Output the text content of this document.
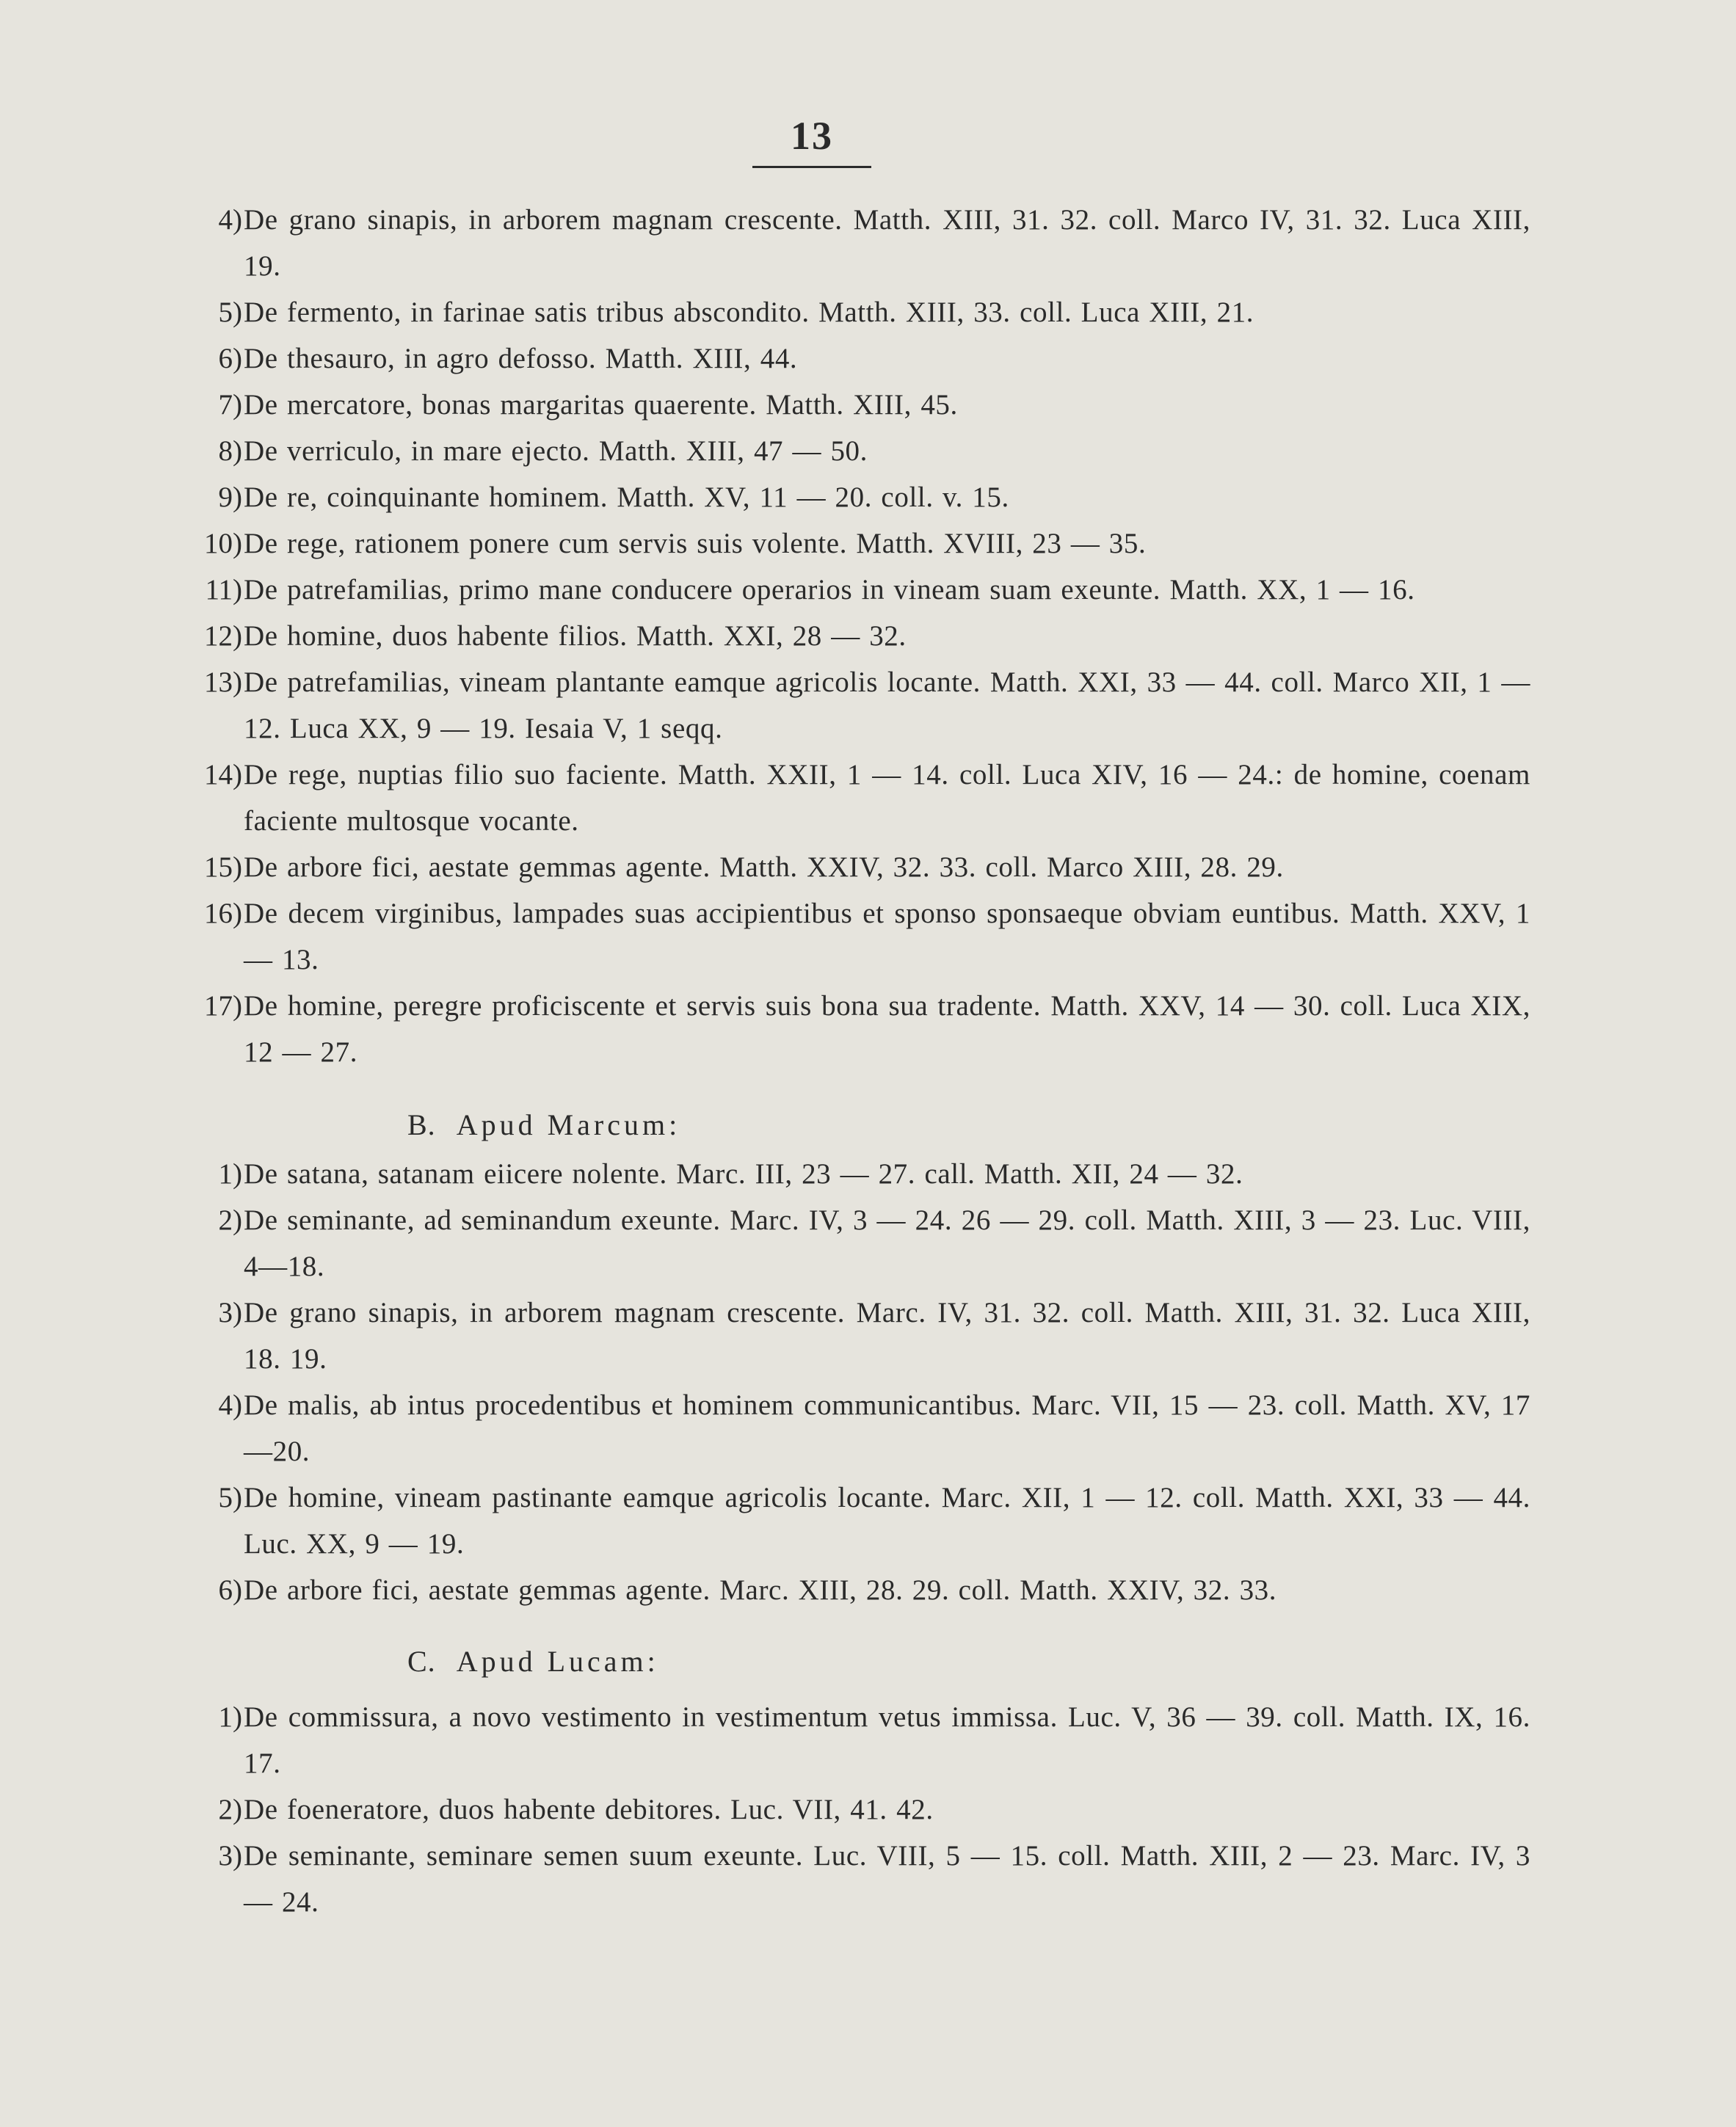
13
4) De grano sinapis, in arborem magnam crescente. Matth. XIII, 31. 32. coll. Marco IV, 31. 32. Luca XIII, 19.
5) De fermento, in farinae satis tribus abscondito. Matth. XIII, 33. coll. Luca XIII, 21.
6) De thesauro, in agro defosso. Matth. XIII, 44.
7) De mercatore, bonas margaritas quaerente. Matth. XIII, 45.
8) De verriculo, in mare ejecto. Matth. XIII, 47 — 50.
9) De re, coinquinante hominem. Matth. XV, 11 — 20. coll. v. 15.
10) De rege, rationem ponere cum servis suis volente. Matth. XVIII, 23 — 35.
11) De patrefamilias, primo mane conducere operarios in vineam suam exeunte. Matth. XX, 1 — 16.
12) De homine, duos habente filios. Matth. XXI, 28 — 32.
13) De patrefamilias, vineam plantante eamque agricolis locante. Matth. XXI, 33 — 44. coll. Marco XII, 1 — 12. Luca XX, 9 — 19. Iesaia V, 1 seqq.
14) De rege, nuptias filio suo faciente. Matth. XXII, 1 — 14. coll. Luca XIV, 16 — 24.: de homine, coenam faciente multosque vocante.
15) De arbore fici, aestate gemmas agente. Matth. XXIV, 32. 33. coll. Marco XIII, 28. 29.
16) De decem virginibus, lampades suas accipientibus et sponso sponsaeque obviam euntibus. Matth. XXV, 1 — 13.
17) De homine, peregre proficiscente et servis suis bona sua tradente. Matth. XXV, 14 — 30. coll. Luca XIX, 12 — 27.
B. Apud Marcum:
1) De satana, satanam eiicere nolente. Marc. III, 23 — 27. call. Matth. XII, 24 — 32.
2) De seminante, ad seminandum exeunte. Marc. IV, 3 — 24. 26 — 29. coll. Matth. XIII, 3 — 23. Luc. VIII, 4—18.
3) De grano sinapis, in arborem magnam crescente. Marc. IV, 31. 32. coll. Matth. XIII, 31. 32. Luca XIII, 18. 19.
4) De malis, ab intus procedentibus et hominem communicantibus. Marc. VII, 15 — 23. coll. Matth. XV, 17—20.
5) De homine, vineam pastinante eamque agricolis locante. Marc. XII, 1 — 12. coll. Matth. XXI, 33 — 44. Luc. XX, 9 — 19.
6) De arbore fici, aestate gemmas agente. Marc. XIII, 28. 29. coll. Matth. XXIV, 32. 33.
C. Apud Lucam:
1) De commissura, a novo vestimento in vestimentum vetus immissa. Luc. V, 36 — 39. coll. Matth. IX, 16. 17.
2) De foeneratore, duos habente debitores. Luc. VII, 41. 42.
3) De seminante, seminare semen suum exeunte. Luc. VIII, 5 — 15. coll. Matth. XIII, 2 — 23. Marc. IV, 3 — 24.
